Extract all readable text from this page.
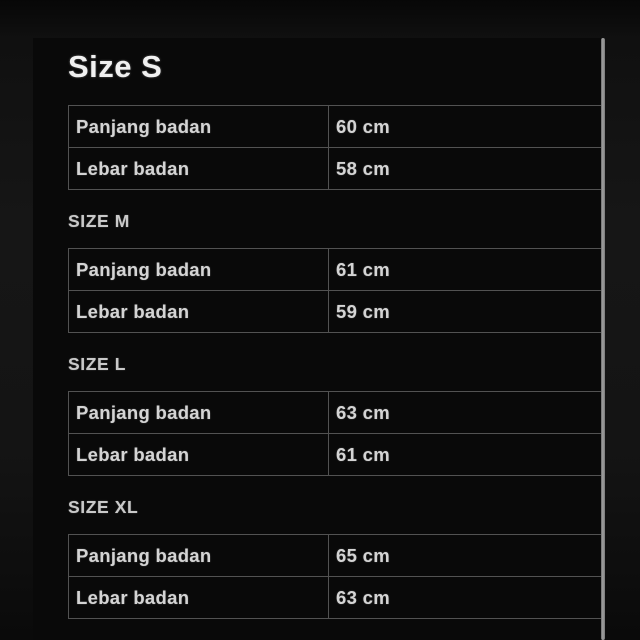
Size S
Panjang badan	60 cm
Lebar badan	58 cm
SIZE M
Panjang badan	61 cm
Lebar badan	59 cm
SIZE L
Panjang badan	63 cm
Lebar badan	61 cm
SIZE XL
Panjang badan	65 cm
Lebar badan	63 cm
